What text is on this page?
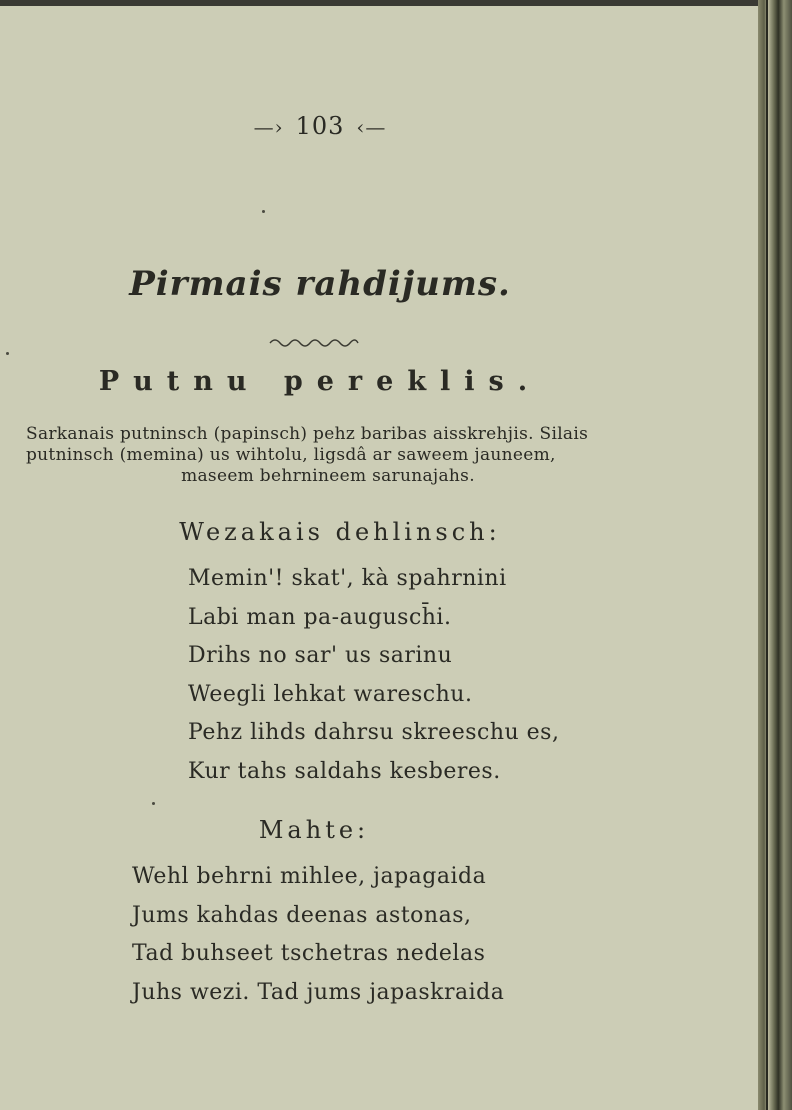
—› 103 ‹—
Pirmais rahdijums.
Putnu pereklis.
Sarkanais putninsch (papinsch) pehz baribas aisskrehjis. Silais
putninsch (memina) us wihtolu, ligsdâ ar saweem jauneem,
maseem behrnineem sarunajahs.
Wezakais dehlinsch:
Memin'! skat', kà spahrnini
Labi man pa-augusch̄i.
Drihs no sar' us sarinu
Weegli lehkat wareschu.
Pehz lihds dahrsu skreeschu es,
Kur tahs saldahs kesberes.
Mahte:
Wehl behrni mihlee, japagaida
Jums kahdas deenas astonas,
Tad buhseet tschetras nedelas
Juhs wezi. Tad jums japaskraida
